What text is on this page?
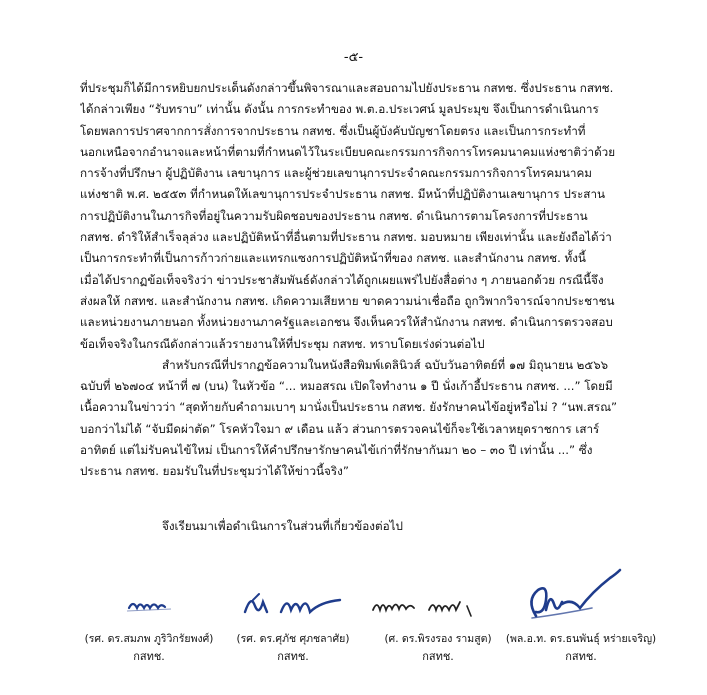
-๕-
ที่ประชุมก็ได้มีการหยิบยกประเด็นดังกล่าวขึ้นพิจารณาและสอบถามไปยังประธาน กสทช. ซึ่งประธาน กสทช.
ได้กล่าวเพียง “รับทราบ” เท่านั้น ดังนั้น การกระทำของ พ.ต.อ.ประเวศน์ มูลประมุข จึงเป็นการดำเนินการ
โดยพลการปราศจากการสั่งการจากประธาน กสทช. ซึ่งเป็นผู้บังคับบัญชาโดยตรง และเป็นการกระทำที่
นอกเหนือจากอำนาจและหน้าที่ตามที่กำหนดไว้ในระเบียบคณะกรรมการกิจการโทรคมนาคมแห่งชาติว่าด้วย
การจ้างที่ปรึกษา ผู้ปฏิบัติงาน เลขานุการ และผู้ช่วยเลขานุการประจำคณะกรรมการกิจการโทรคมนาคม
แห่งชาติ พ.ศ. ๒๕๕๓ ที่กำหนดให้เลขานุการประจำประธาน กสทช. มีหน้าที่ปฏิบัติงานเลขานุการ ประสาน
การปฏิบัติงานในภารกิจที่อยู่ในความรับผิดชอบของประธาน กสทช. ดำเนินการตามโครงการที่ประธาน
กสทช. ดำริให้สำเร็จลุล่วง และปฏิบัติหน้าที่อื่นตามที่ประธาน กสทช. มอบหมาย เพียงเท่านั้น และยังถือได้ว่า
เป็นการกระทำที่เป็นการก้าวก่ายและแทรกแซงการปฏิบัติหน้าที่ของ กสทช. และสำนักงาน กสทช. ทั้งนี้
เมื่อได้ปรากฏข้อเท็จจริงว่า ข่าวประชาสัมพันธ์ดังกล่าวได้ถูกเผยแพร่ไปยังสื่อต่าง ๆ ภายนอกด้วย กรณีนี้จึง
ส่งผลให้ กสทช. และสำนักงาน กสทช. เกิดความเสียหาย ขาดความน่าเชื่อถือ ถูกวิพากวิจารณ์จากประชาชน
และหน่วยงานภายนอก ทั้งหน่วยงานภาครัฐและเอกชน จึงเห็นควรให้สำนักงาน กสทช. ดำเนินการตรวจสอบ
ข้อเท็จจริงในกรณีดังกล่าวแล้วรายงานให้ที่ประชุม กสทช. ทราบโดยเร่งด่วนต่อไป
สำหรับกรณีที่ปรากฏข้อความในหนังสือพิมพ์เดลินิวส์ ฉบับวันอาทิตย์ที่ ๑๗ มิถุนายน ๒๕๖๖
ฉบับที่ ๒๖๗๐๔ หน้าที่ ๗ (บน) ในหัวข้อ “... หมอสรณ เปิดใจทำงาน ๑ ปี นั่งเก้าอี้ประธาน กสทช. ...” โดยมี
เนื้อความในข่าวว่า “สุดท้ายกับคำถามเบาๆ มานั่งเป็นประธาน กสทช. ยังรักษาคนไข้อยู่หรือไม่ ? “นพ.สรณ”
บอกว่าไม่ได้ “จับมีดผ่าตัด” โรคหัวใจมา ๙ เดือน แล้ว ส่วนการตรวจคนไข้ก็จะใช้เวลาหยุดราชการ เสาร์
อาทิตย์ แต่ไม่รับคนไข้ใหม่ เป็นการให้คำปรึกษารักษาคนไข้เก่าที่รักษากันมา ๒๐ – ๓๐ ปี เท่านั้น ...” ซึ่ง
ประธาน กสทช. ยอมรับในที่ประชุมว่าได้ให้ข่าวนี้จริง”
จึงเรียนมาเพื่อดำเนินการในส่วนที่เกี่ยวข้องต่อไป
(รศ. ดร.สมภพ ภูริวิกรัยพงศ์)
กสทช.
(รศ. ดร.ศุภัช ศุภชลาศัย)
กสทช.
(ศ. ดร.พิรงรอง รามสูต)
กสทช.
(พล.อ.ท. ดร.ธนพันธุ์ หร่ายเจริญ)
กสทช.
